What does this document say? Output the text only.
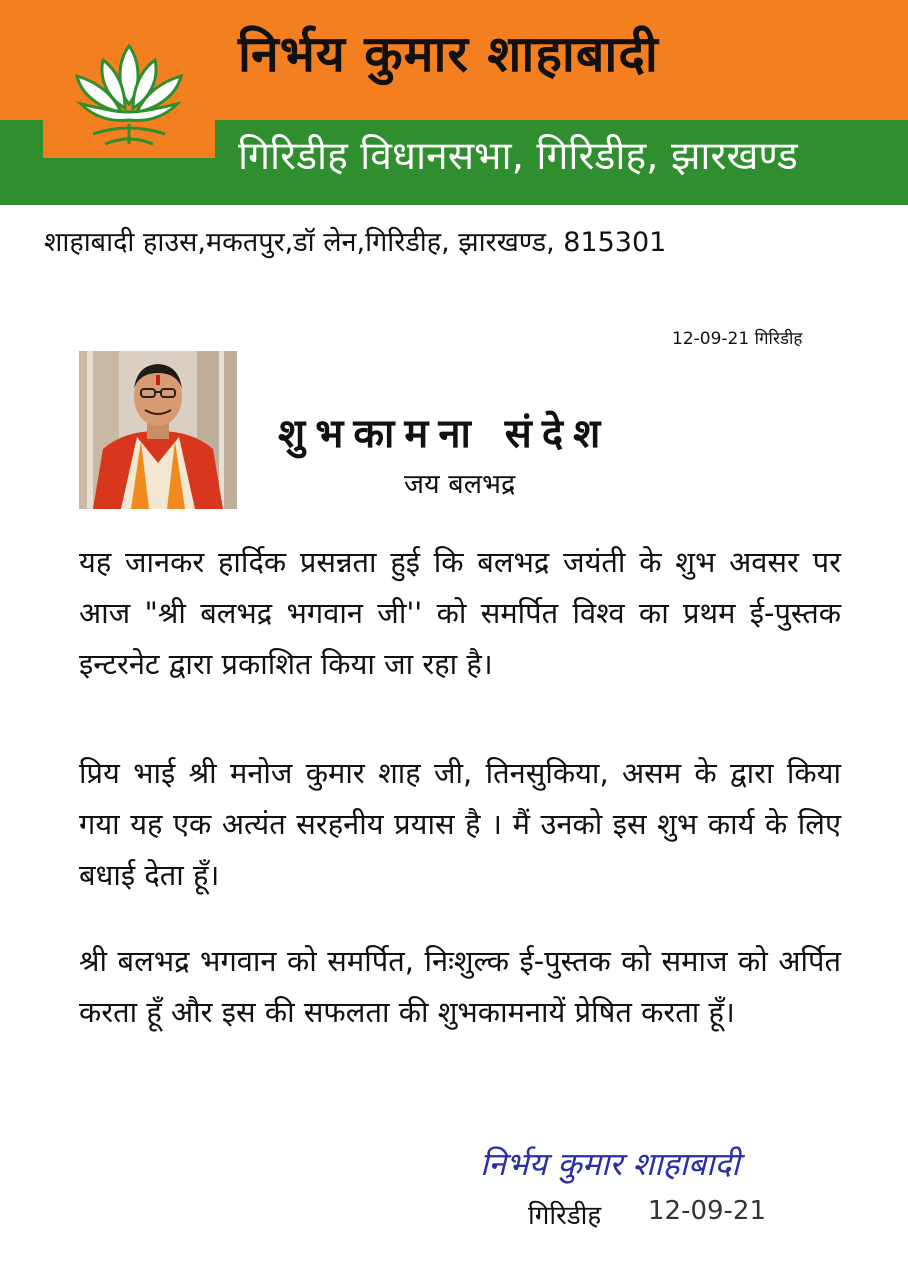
निर्भय कुमार शाहाबादी
गिरिडीह विधानसभा, गिरिडीह, झारखण्ड
शाहाबादी हाउस,मकतपुर,डॉ लेन,गिरिडीह, झारखण्ड, 815301
12-09-21 गिरिडीह
शुभकामना संदेश
जय बलभद्र

यह जानकर हार्दिक प्रसन्नता हुई कि बलभद्र जयंती के शुभ अवसर पर आज "श्री बलभद्र भगवान जी'' को समर्पित विश्व का प्रथम ई-पुस्तक इन्टरनेट द्वारा प्रकाशित किया जा रहा है।

प्रिय भाई श्री मनोज कुमार शाह जी, तिनसुकिया, असम के द्वारा किया गया यह एक अत्यंत सरहनीय प्रयास है । मैं उनको इस शुभ कार्य के लिए बधाई देता हूँ।

श्री बलभद्र भगवान को समर्पित, निःशुल्क ई-पुस्तक को समाज को अर्पित करता हूँ और इस की सफलता की शुभकामनायें प्रेषित करता हूँ।

निर्भय कुमार शाहाबादी
गिरिडीह 12-09-21
